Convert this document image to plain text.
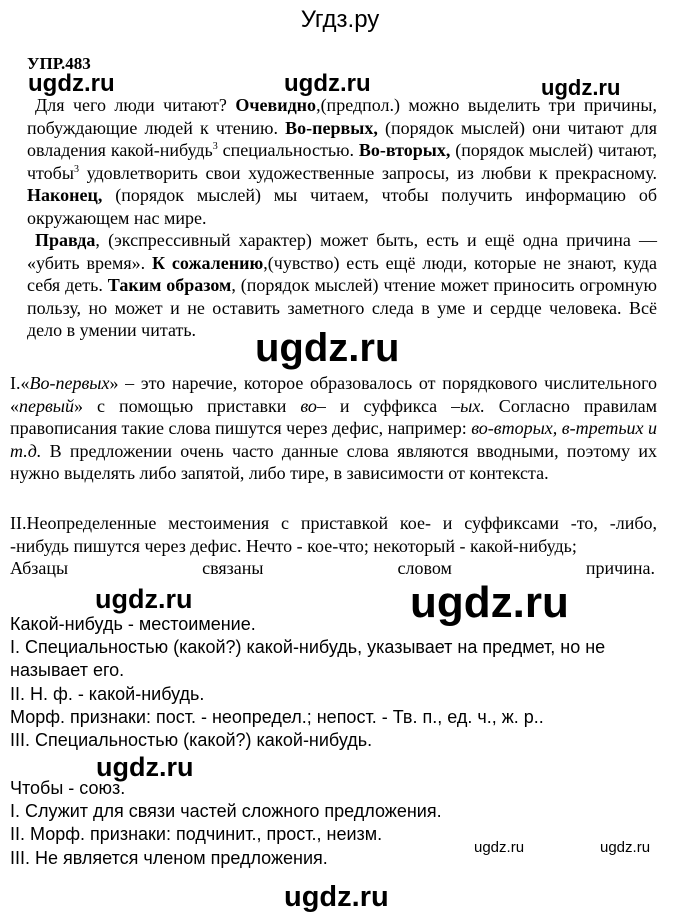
Угдз.ру
УПР.483
ugdz.ru	ugdz.ru	ugdz.ru
ugdz.ru
ugdz.ru	ugdz.ru
ugdz.ru
ugdz.ru	ugdz.ru
ugdz.ru

Для чего люди читают? Очевидно,(предпол.) можно выделить три причины, побуждающие людей к чтению. Во-первых, (порядок мыслей) они читают для овладения какой-нибудь$^3$ специальностью. Во-вторых, (порядок мыслей) читают, чтобы$^3$ удовлетворить свои художественные запросы, из любви к прекрасному. Наконец, (порядок мыслей) мы читаем, чтобы получить информацию об окружающем нас мире.

Правда, (экспрессивный характер) может быть, есть и ещё одна причина — «убить время». К сожалению,(чувство) есть ещё люди, которые не знают, куда себя деть. Таким образом, (порядок мыслей) чтение может приносить огромную пользу, но может и не оставить заметного следа в уме и сердце человека. Всё дело в умении читать.

I.«Во-первых» – это наречие, которое образовалось от порядкового числительного «первый» с помощью приставки во– и суффикса –ых. Согласно правилам правописания такие слова пишутся через дефис, например: во-вторых, в-третьих и т.д. В предложении очень часто данные слова являются вводными, поэтому их нужно выделять либо запятой, либо тире, в зависимости от контекста.

II.Неопределенные местоимения с приставкой кое- и суффиксами -то, -либо, -нибудь пишутся через дефис. Нечто - кое-что; некоторый - какой-нибудь;

Абзацы	связаны	словом	причина.
Какой-нибудь - местоимение.
I. Специальностью (какой?) какой-нибудь, указывает на предмет, но не называет его.
II. Н. ф. - какой-нибудь.
Морф. признаки: пост. - неопредел.; непост. - Тв. п., ед. ч., ж. р..
III. Специальностью (какой?) какой-нибудь.
Чтобы - союз.
I. Служит для связи частей сложного предложения.
II. Морф. признаки: подчинит., прост., неизм.
III. Не является членом предложения.
